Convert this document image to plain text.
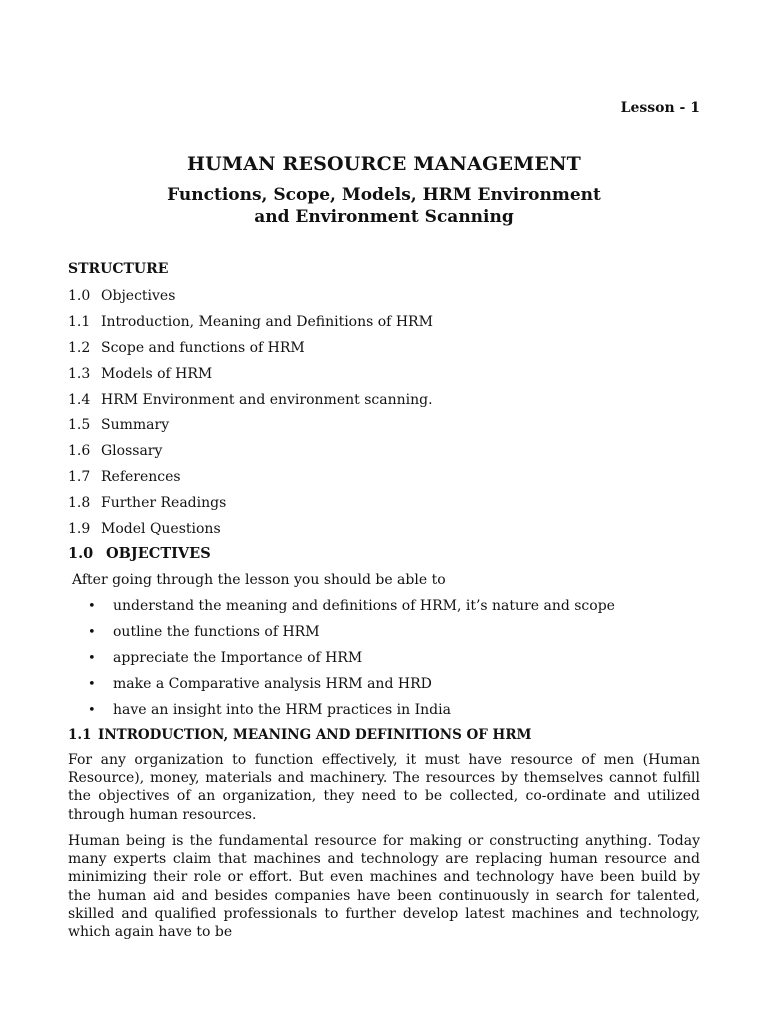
Lesson - 1
HUMAN RESOURCE MANAGEMENT
Functions, Scope, Models, HRM Environment
and Environment Scanning
STRUCTURE
1.0 Objectives
1.1 Introduction, Meaning and Definitions of HRM
1.2 Scope and functions of HRM
1.3 Models of HRM
1.4 HRM Environment and environment scanning.
1.5 Summary
1.6 Glossary
1.7 References
1.8 Further Readings
1.9 Model Questions
1.0 OBJECTIVES

After going through the lesson you should be able to

• understand the meaning and definitions of HRM, it’s nature and scope
• outline the functions of HRM
• appreciate the Importance of HRM
• make a Comparative analysis HRM and HRD
• have an insight into the HRM practices in India
1.1 INTRODUCTION, MEANING AND DEFINITIONS OF HRM

For any organization to function effectively, it must have resource of men (Human Resource), money, materials and machinery. The resources by themselves cannot fulfill the objectives of an organization, they need to be collected, co-ordinate and utilized through human resources.

Human being is the fundamental resource for making or constructing anything. Today many experts claim that machines and technology are replacing human resource and minimizing their role or effort. But even machines and technology have been build by the human aid and besides companies have been continuously in search for talented, skilled and qualified professionals to further develop latest machines and technology, which again have to be
